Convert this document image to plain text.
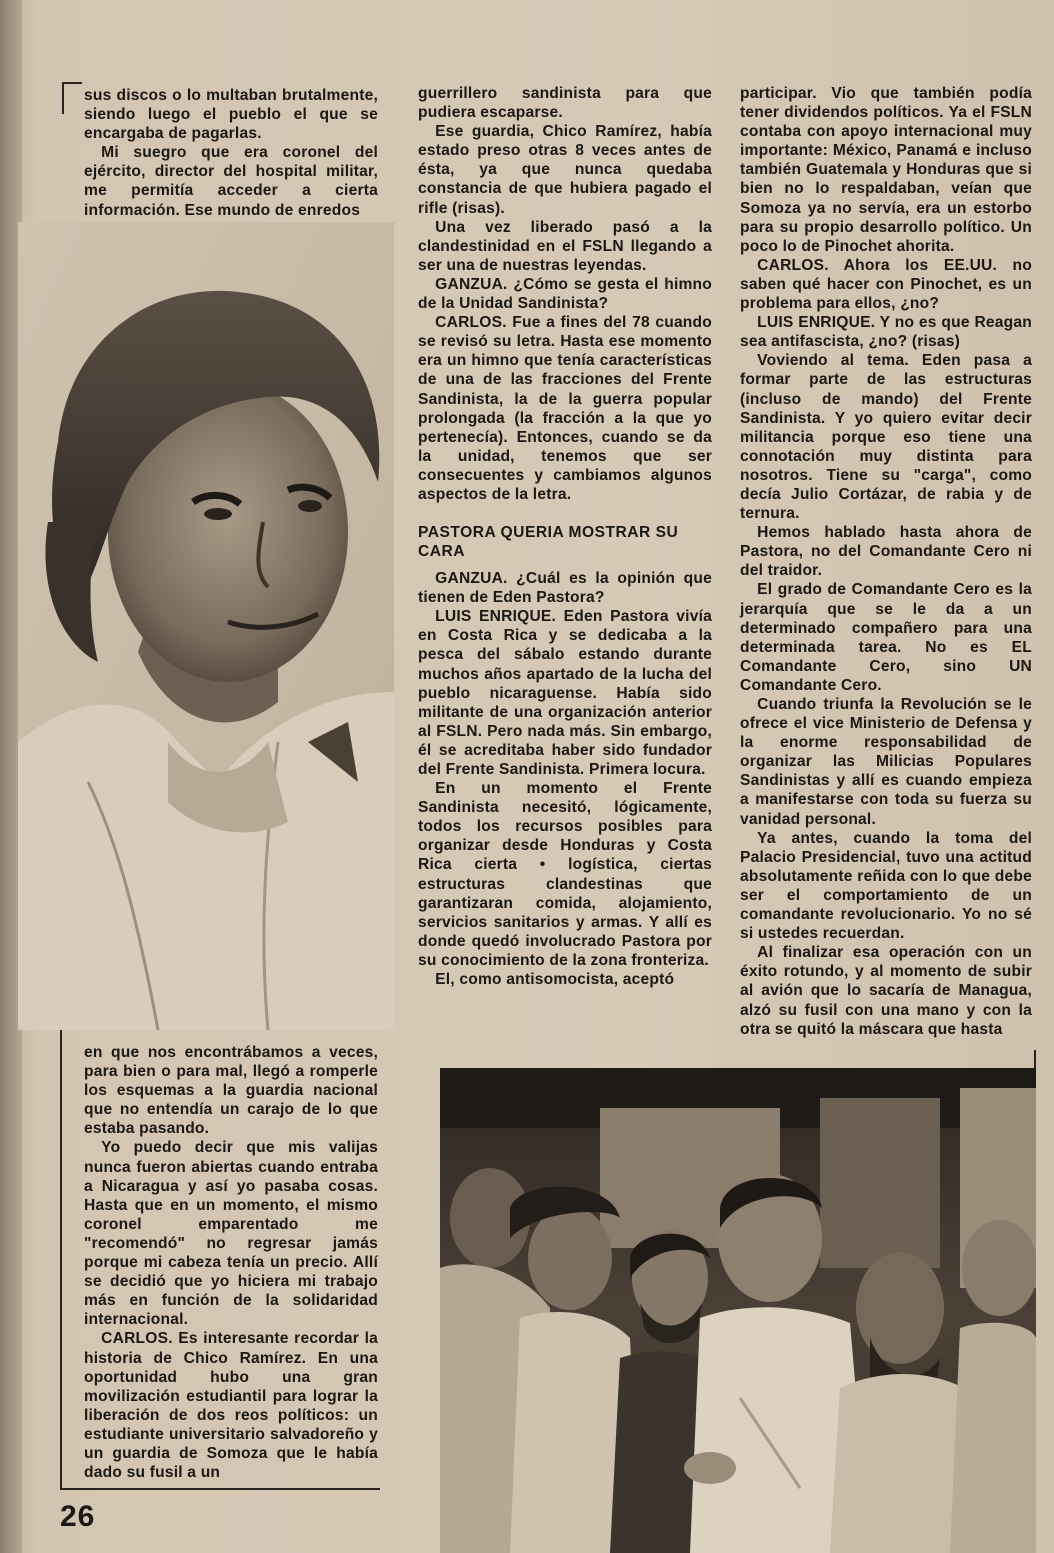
sus discos o lo multaban brutalmente, siendo luego el pueblo el que se encargaba de pagarlas.

Mi suegro que era coronel del ejército, director del hospital militar, me permitía acceder a cierta información. Ese mundo de enredos

en que nos encontrábamos a veces, para bien o para mal, llegó a romperle los esquemas a la guardia nacional que no entendía un carajo de lo que estaba pasando.

Yo puedo decir que mis valijas nunca fueron abiertas cuando entraba a Nicaragua y así yo pasaba cosas. Hasta que en un momento, el mismo coronel emparentado me "recomendó" no regresar jamás porque mi cabeza tenía un precio. Allí se decidió que yo hiciera mi trabajo más en función de la solidaridad internacional.

CARLOS. Es interesante recordar la historia de Chico Ramírez. En una oportunidad hubo una gran movilización estudiantil para lograr la liberación de dos reos políticos: un estudiante universitario salvadoreño y un guardia de Somoza que le había dado su fusil a un

26

guerrillero sandinista para que pudiera escaparse.

Ese guardia, Chico Ramírez, había estado preso otras 8 veces antes de ésta, ya que nunca quedaba constancia de que hubiera pagado el rifle (risas).

Una vez liberado pasó a la clandestinidad en el FSLN llegando a ser una de nuestras leyendas.

GANZUA. ¿Cómo se gesta el himno de la Unidad Sandinista?

CARLOS. Fue a fines del 78 cuando se revisó su letra. Hasta ese momento era un himno que tenía características de una de las fracciones del Frente Sandinista, la de la guerra popular prolongada (la fracción a la que yo pertenecía). Entonces, cuando se da la unidad, tenemos que ser consecuentes y cambiamos algunos aspectos de la letra.

PASTORA QUERIA MOSTRAR SU CARA

GANZUA. ¿Cuál es la opinión que tienen de Eden Pastora?

LUIS ENRIQUE. Eden Pastora vivía en Costa Rica y se dedicaba a la pesca del sábalo estando durante muchos años apartado de la lucha del pueblo nicaraguense. Había sido militante de una organización anterior al FSLN. Pero nada más. Sin embargo, él se acreditaba haber sido fundador del Frente Sandinista. Primera locura.

En un momento el Frente Sandinista necesitó, lógicamente, todos los recursos posibles para organizar desde Honduras y Costa Rica cierta • logística, ciertas estructuras clandestinas que garantizaran comida, alojamiento, servicios sanitarios y armas. Y allí es donde quedó involucrado Pastora por su conocimiento de la zona fronteriza.

El, como antisomocista, aceptó

participar. Vio que también podía tener dividendos políticos. Ya el FSLN contaba con apoyo internacional muy importante: México, Panamá e incluso también Guatemala y Honduras que si bien no lo respaldaban, veían que Somoza ya no servía, era un estorbo para su propio desarrollo político. Un poco lo de Pinochet ahorita.

CARLOS. Ahora los EE.UU. no saben qué hacer con Pinochet, es un problema para ellos, ¿no?

LUIS ENRIQUE. Y no es que Reagan sea antifascista, ¿no? (risas)

Voviendo al tema. Eden pasa a formar parte de las estructuras (incluso de mando) del Frente Sandinista. Y yo quiero evitar decir militancia porque eso tiene una connotación muy distinta para nosotros. Tiene su "carga", como decía Julio Cortázar, de rabia y de ternura.

Hemos hablado hasta ahora de Pastora, no del Comandante Cero ni del traidor.

El grado de Comandante Cero es la jerarquía que se le da a un determinado compañero para una determinada tarea. No es EL Comandante Cero, sino UN Comandante Cero.

Cuando triunfa la Revolución se le ofrece el vice Ministerio de Defensa y la enorme responsabilidad de organizar las Milicias Populares Sandinistas y allí es cuando empieza a manifestarse con toda su fuerza su vanidad personal.

Ya antes, cuando la toma del Palacio Presidencial, tuvo una actitud absolutamente reñida con lo que debe ser el comportamiento de un comandante revolucionario. Yo no sé si ustedes recuerdan.

Al finalizar esa operación con un éxito rotundo, y al momento de subir al avión que lo sacaría de Managua, alzó su fusil con una mano y con la otra se quitó la máscara que hasta
